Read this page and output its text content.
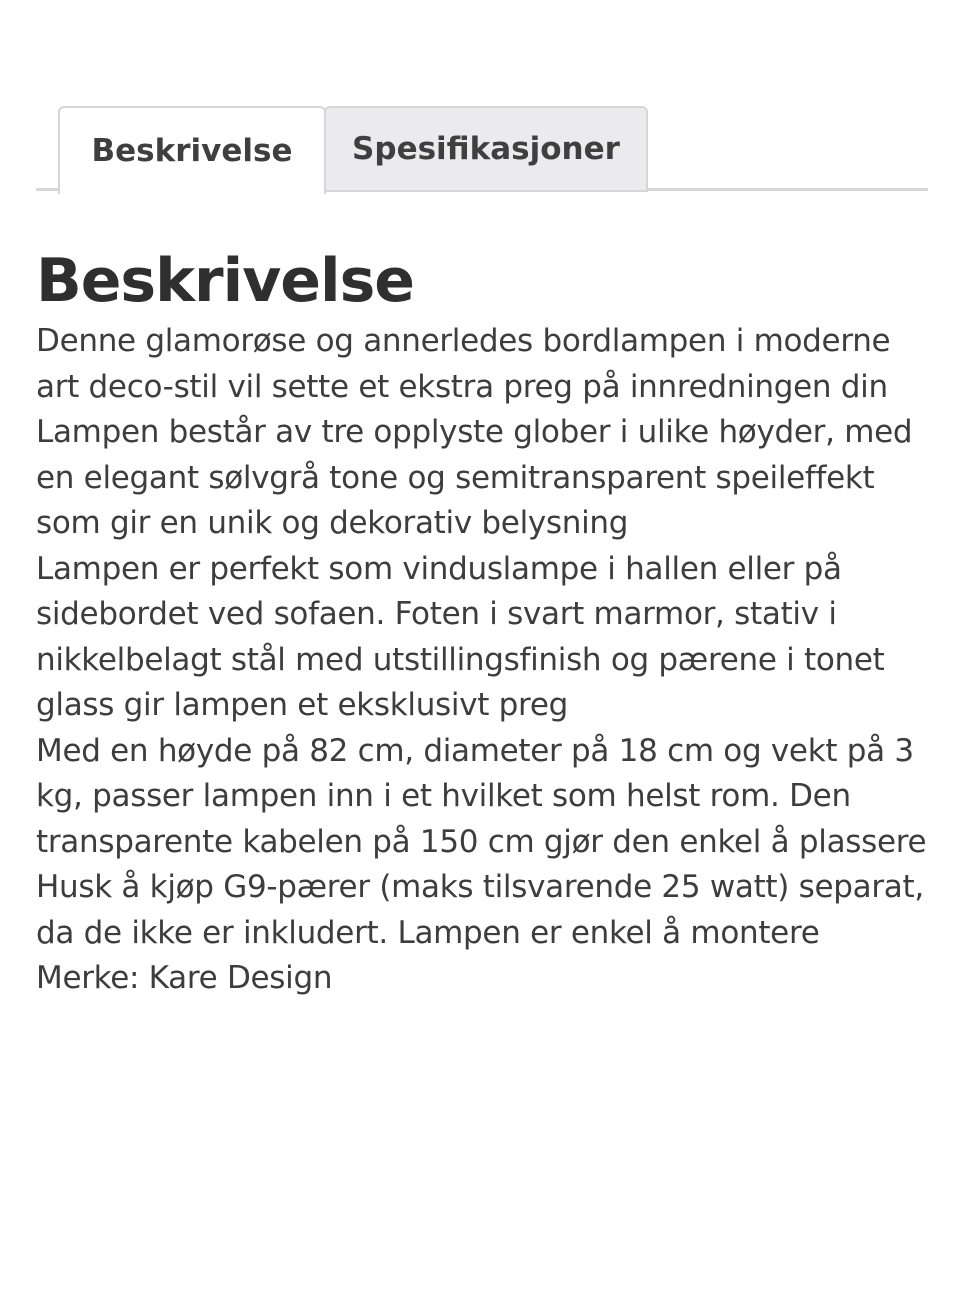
Beskrivelse Spesifikasjoner
Beskrivelse

Denne glamorøse og annerledes bordlampen i moderne art deco-stil vil sette et ekstra preg på innredningen din

Lampen består av tre opplyste glober i ulike høyder, med en elegant sølvgrå tone og semitransparent speileffekt som gir en unik og dekorativ belysning

Lampen er perfekt som vinduslampe i hallen eller på sidebordet ved sofaen. Foten i svart marmor, stativ i nikkelbelagt stål med utstillingsfinish og pærene i tonet glass gir lampen et eksklusivt preg

Med en høyde på 82 cm, diameter på 18 cm og vekt på 3 kg, passer lampen inn i et hvilket som helst rom. Den transparente kabelen på 150 cm gjør den enkel å plassere

Husk å kjøp G9-pærer (maks tilsvarende 25 watt) separat, da de ikke er inkludert. Lampen er enkel å montere

Merke: Kare Design
